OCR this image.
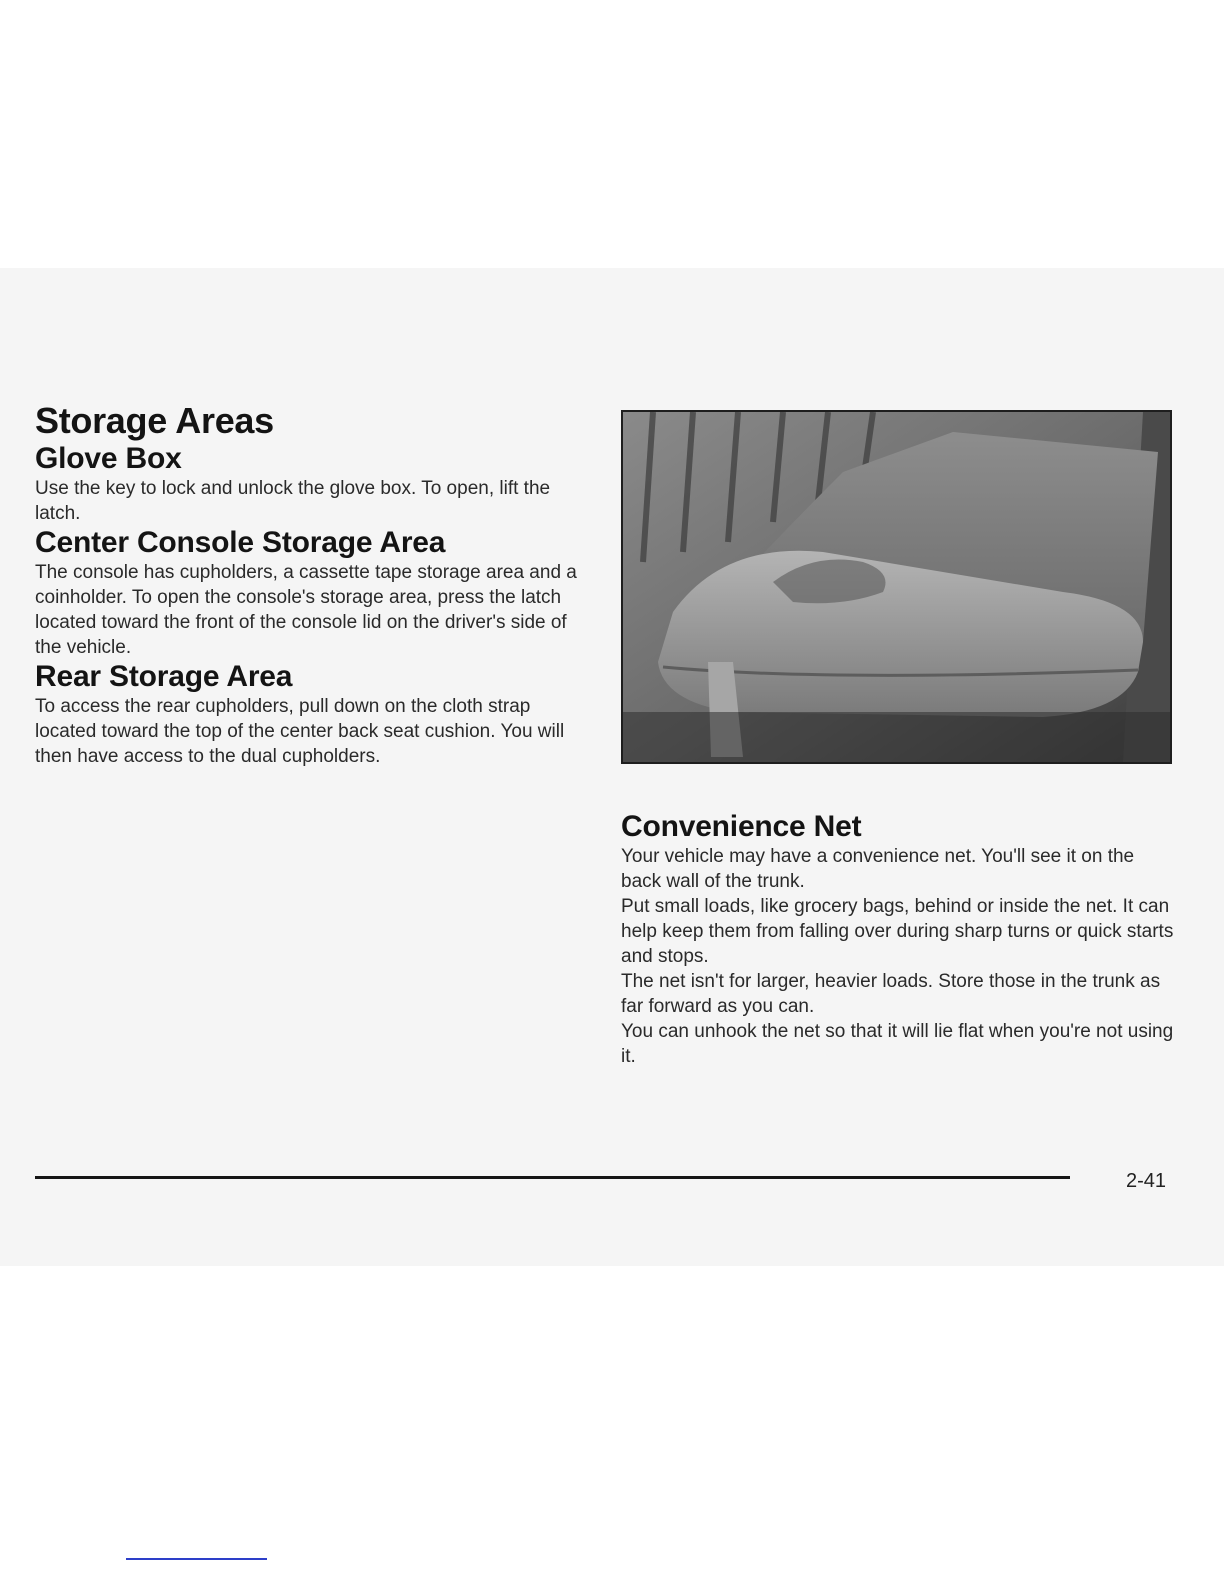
Storage Areas
Glove Box

Use the key to lock and unlock the glove box. To open, lift the latch.

Center Console Storage Area

The console has cupholders, a cassette tape storage area and a coinholder. To open the console's storage area, press the latch located toward the front of the console lid on the driver's side of the vehicle.

Rear Storage Area

To access the rear cupholders, pull down on the cloth strap located toward the top of the center back seat cushion. You will then have access to the dual cupholders.

Convenience Net

Your vehicle may have a convenience net. You'll see it on the back wall of the trunk.

Put small loads, like grocery bags, behind or inside the net. It can help keep them from falling over during sharp turns or quick starts and stops.

The net isn't for larger, heavier loads. Store those in the trunk as far forward as you can.

You can unhook the net so that it will lie flat when you're not using it.

2-41
